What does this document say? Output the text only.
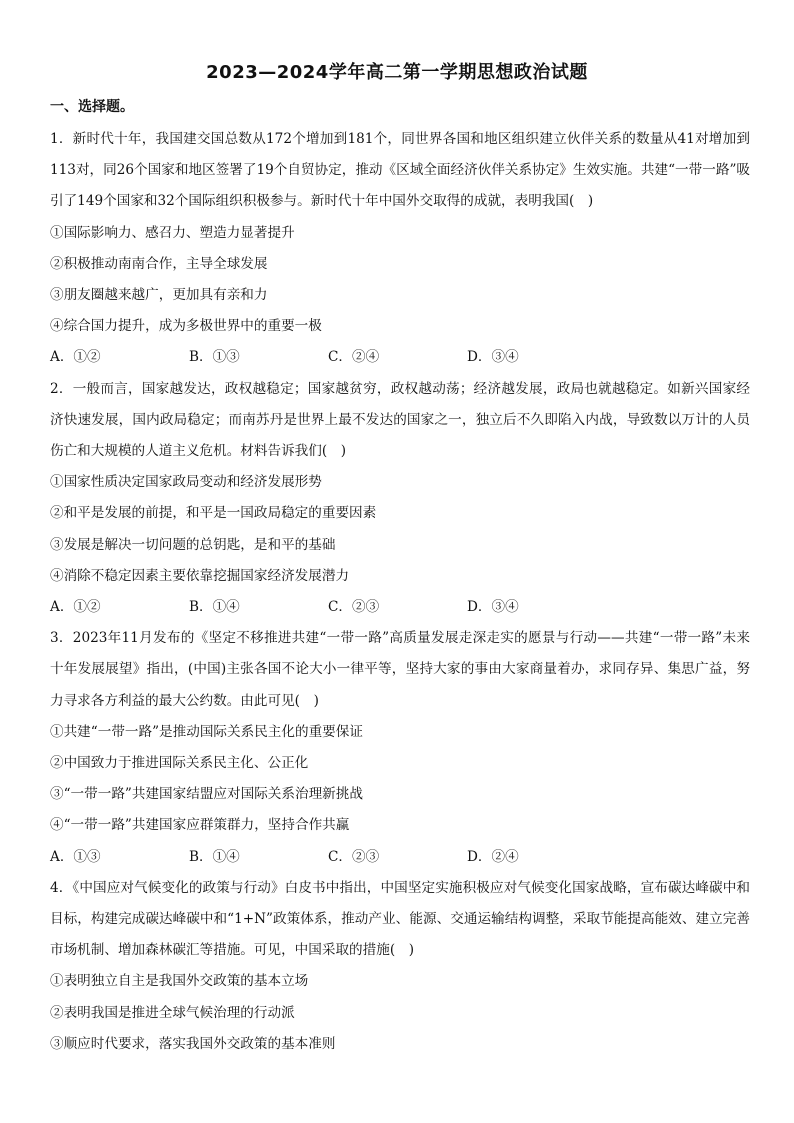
2023—2024学年高二第一学期思想政治试题
一、选择题。

1．新时代十年，我国建交国总数从172个增加到181个，同世界各国和地区组织建立伙伴关系的数量从41对增加到113对，同26个国家和地区签署了19个自贸协定，推动《区域全面经济伙伴关系协定》生效实施。共建“一带一路”吸引了149个国家和32个国际组织积极参与。新时代十年中国外交取得的成就，表明我国(　)

①国际影响力、感召力、塑造力显著提升

②积极推动南南合作，主导全球发展

③朋友圈越来越广，更加具有亲和力

④综合国力提升，成为多极世界中的重要一极

A．①②	B．①③	C．②④	D．③④

2．一般而言，国家越发达，政权越稳定；国家越贫穷，政权越动荡；经济越发展，政局也就越稳定。如新兴国家经济快速发展，国内政局稳定；而南苏丹是世界上最不发达的国家之一，独立后不久即陷入内战，导致数以万计的人员伤亡和大规模的人道主义危机。材料告诉我们(　)

①国家性质决定国家政局变动和经济发展形势

②和平是发展的前提，和平是一国政局稳定的重要因素

③发展是解决一切问题的总钥匙，是和平的基础

④消除不稳定因素主要依靠挖掘国家经济发展潜力

A．①②	B．①④	C．②③	D．③④

3．2023年11月发布的《坚定不移推进共建“一带一路”高质量发展走深走实的愿景与行动——共建“一带一路”未来十年发展展望》指出，(中国)主张各国不论大小一律平等，坚持大家的事由大家商量着办，求同存异、集思广益，努力寻求各方利益的最大公约数。由此可见(　)

①共建“一带一路”是推动国际关系民主化的重要保证

②中国致力于推进国际关系民主化、公正化

③“一带一路”共建国家结盟应对国际关系治理新挑战

④“一带一路”共建国家应群策群力，坚持合作共赢

A．①③	B．①④	C．②③	D．②④

4．《中国应对气候变化的政策与行动》白皮书中指出，中国坚定实施积极应对气候变化国家战略，宣布碳达峰碳中和目标，构建完成碳达峰碳中和“1+N”政策体系，推动产业、能源、交通运输结构调整，采取节能提高能效、建立完善市场机制、增加森林碳汇等措施。可见，中国采取的措施(　)

①表明独立自主是我国外交政策的基本立场

②表明我国是推进全球气候治理的行动派

③顺应时代要求，落实我国外交政策的基本准则
